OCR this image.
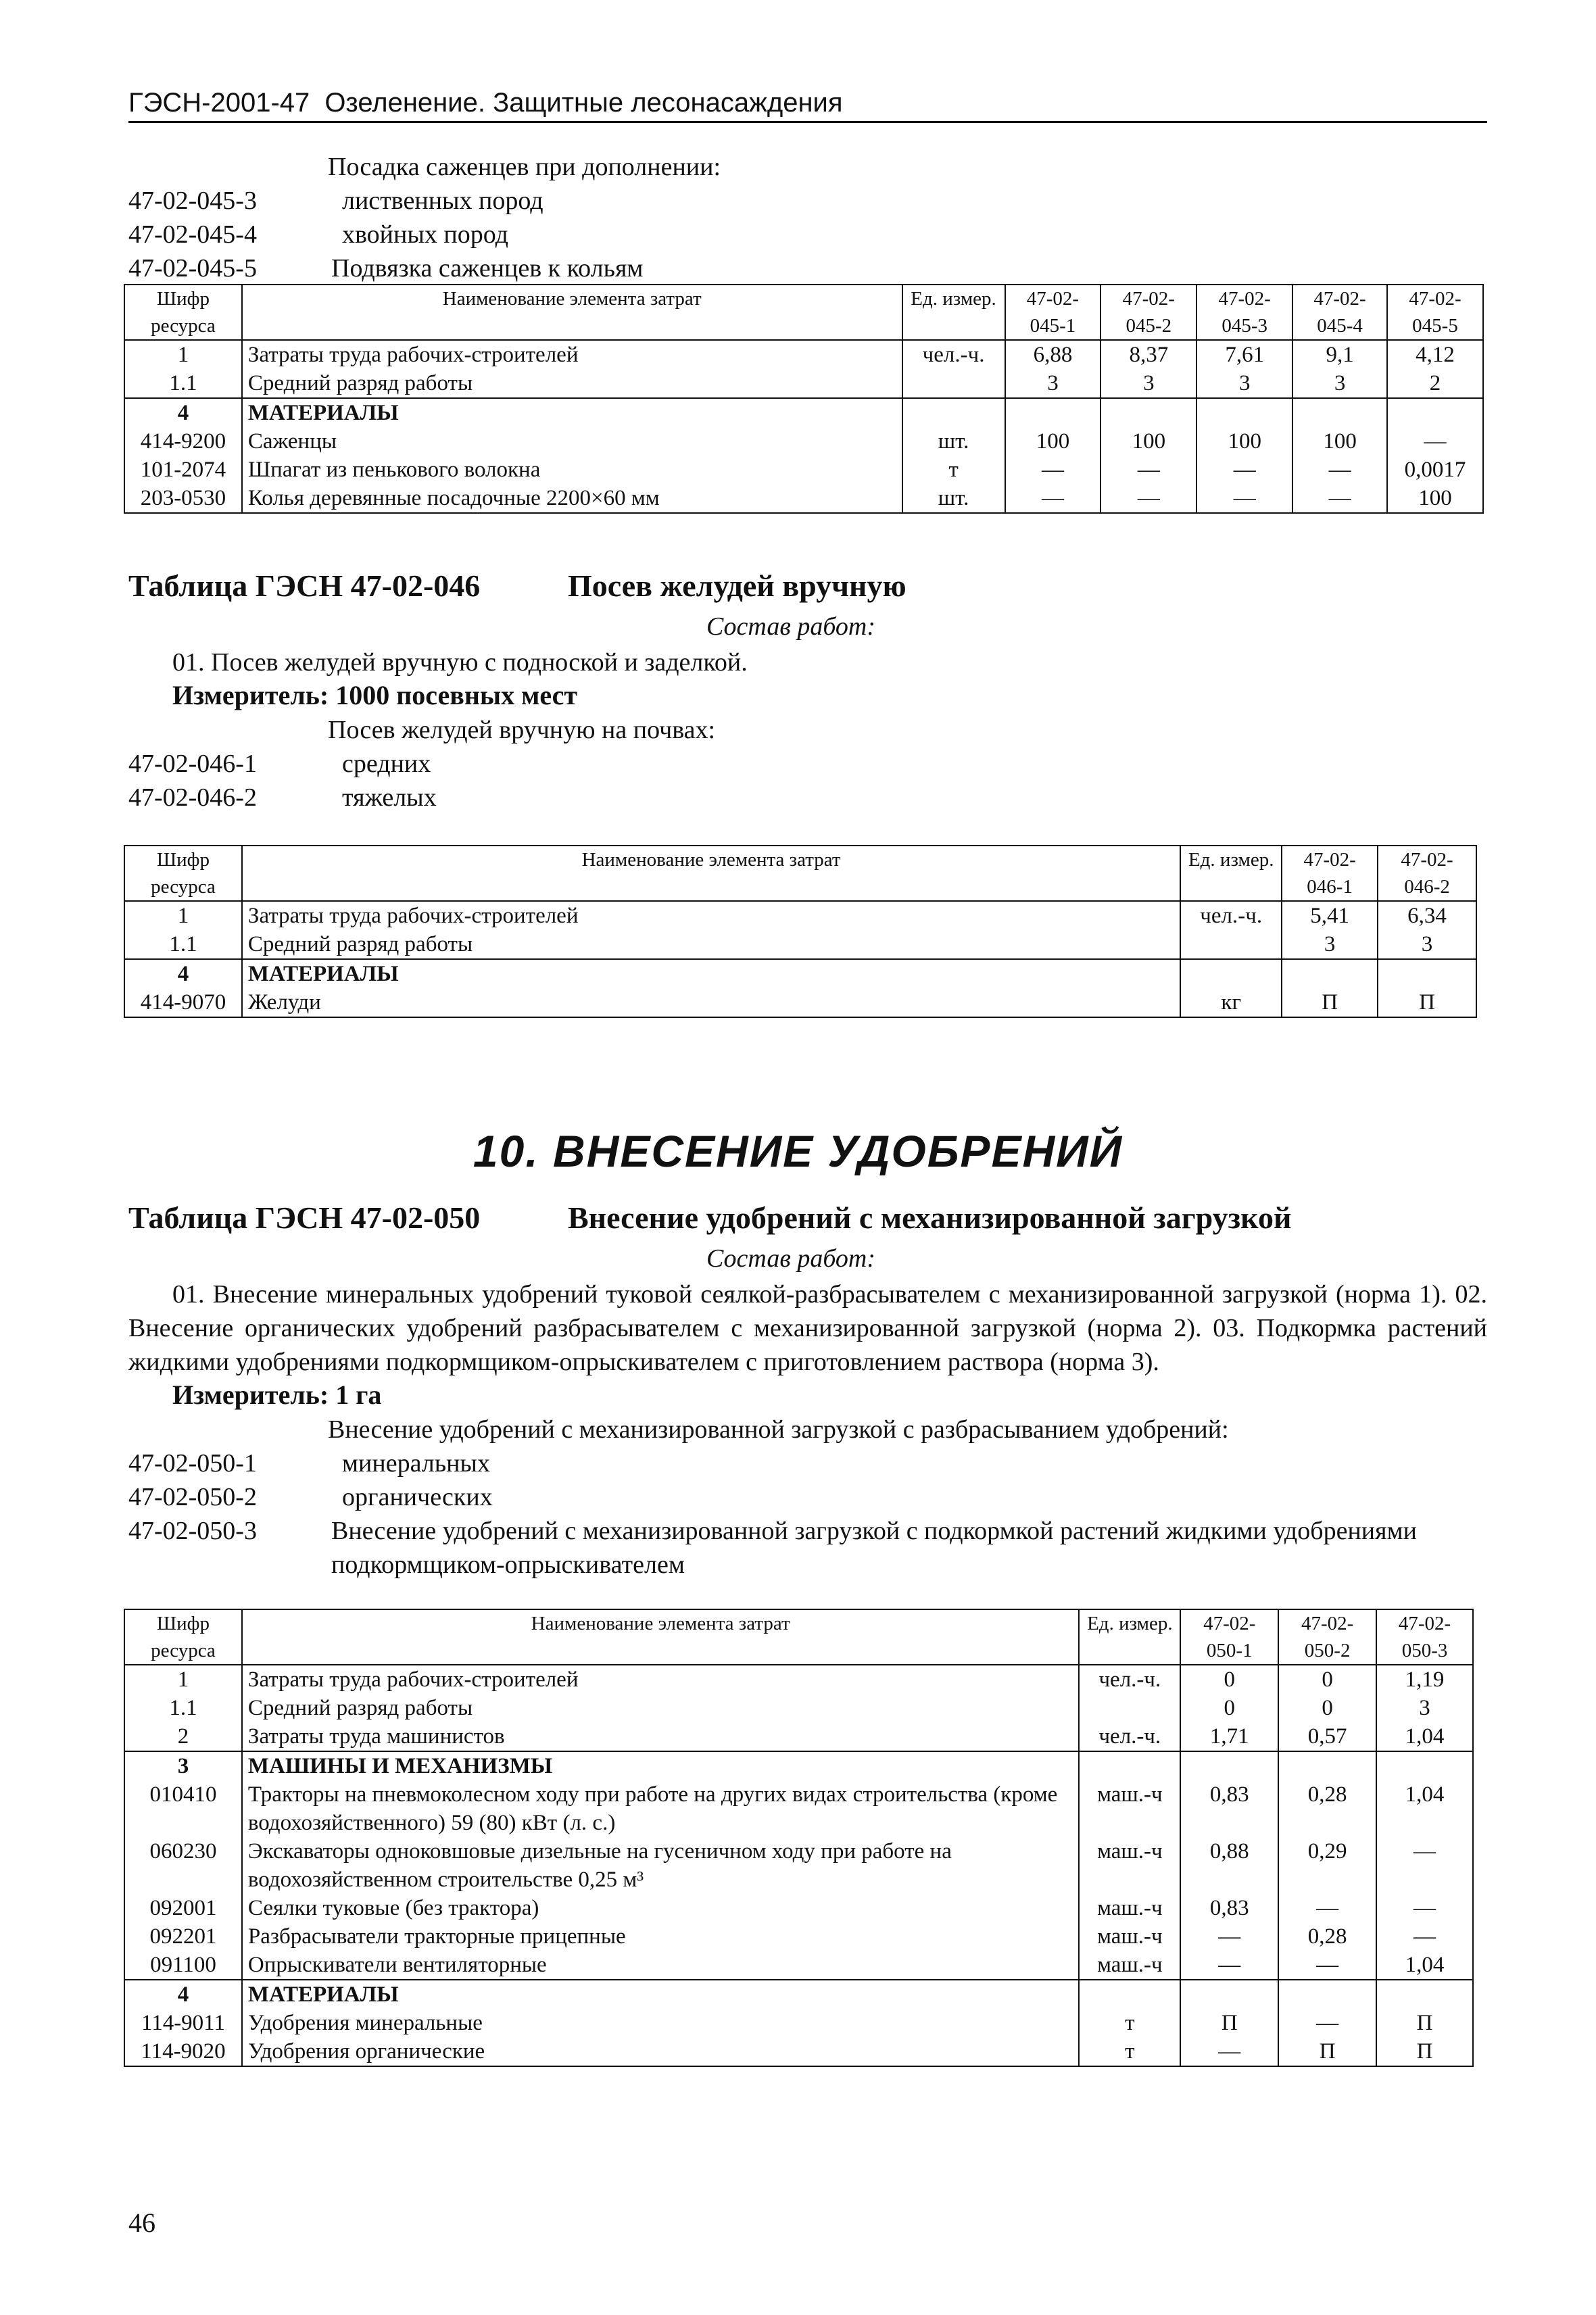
ГЭСН-2001-47 Озеленение. Защитные лесонасаждения
Посадка саженцев при дополнении:
47-02-045-3	лиственных пород
47-02-045-4	хвойных пород
47-02-045-5	Подвязка саженцев к кольям
Шифр ресурса	Наименование элемента затрат	Ед. измер.	47-02-045-1	47-02-045-2	47-02-045-3	47-02-045-4	47-02-045-5
1	Затраты труда рабочих-строителей	чел.-ч.	6,88	8,37	7,61	9,1	4,12
1.1	Средний разряд работы		3	3	3	3	2
4	МАТЕРИАЛЫ						
414-9200	Саженцы	шт.	100	100	100	100	—
101-2074	Шпагат из пенькового волокна	т	—	—	—	—	0,0017
203-0530	Колья деревянные посадочные 2200×60 мм	шт.	—	—	—	—	100
Таблица ГЭСН 47-02-046	Посев желудей вручную
Состав работ:
01. Посев желудей вручную с подноской и заделкой.
Измеритель: 1000 посевных мест
Посев желудей вручную на почвах:
47-02-046-1	средних
47-02-046-2	тяжелых
Шифр ресурса	Наименование элемента затрат	Ед. измер.	47-02-046-1	47-02-046-2
1	Затраты труда рабочих-строителей	чел.-ч.	5,41	6,34
1.1	Средний разряд работы		3	3
4	МАТЕРИАЛЫ			
414-9070	Желуди	кг	П	П
10. ВНЕСЕНИЕ УДОБРЕНИЙ
Таблица ГЭСН 47-02-050	Внесение удобрений с механизированной загрузкой
Состав работ:
01. Внесение минеральных удобрений туковой сеялкой-разбрасывателем с механизированной загрузкой (норма 1). 02. Внесение органических удобрений разбрасывателем с механизированной загрузкой (норма 2). 03. Подкормка растений жидкими удобрениями подкормщиком-опрыскивателем с приготовлением раствора (норма 3).
Измеритель: 1 га
Внесение удобрений с механизированной загрузкой с разбрасыванием удобрений:
47-02-050-1	минеральных
47-02-050-2	органических
47-02-050-3	Внесение удобрений с механизированной загрузкой с подкормкой растений жидкими удобрениями подкормщиком-опрыскивателем
Шифр ресурса	Наименование элемента затрат	Ед. измер.	47-02-050-1	47-02-050-2	47-02-050-3
1	Затраты труда рабочих-строителей	чел.-ч.	0	0	1,19
1.1	Средний разряд работы		0	0	3
2	Затраты труда машинистов	чел.-ч.	1,71	0,57	1,04
3	МАШИНЫ И МЕХАНИЗМЫ				
010410	Тракторы на пневмоколесном ходу при работе на других видах строительства (кроме водохозяйственного) 59 (80) кВт (л. с.)	маш.-ч	0,83	0,28	1,04
060230	Экскаваторы одноковшовые дизельные на гусеничном ходу при работе на водохозяйственном строительстве 0,25 м³	маш.-ч	0,88	0,29	—
092001	Сеялки туковые (без трактора)	маш.-ч	0,83	—	—
092201	Разбрасыватели тракторные прицепные	маш.-ч	—	0,28	—
091100	Опрыскиватели вентиляторные	маш.-ч	—	—	1,04
4	МАТЕРИАЛЫ				
114-9011	Удобрения минеральные	т	П	—	П
114-9020	Удобрения органические	т	—	П	П
46
